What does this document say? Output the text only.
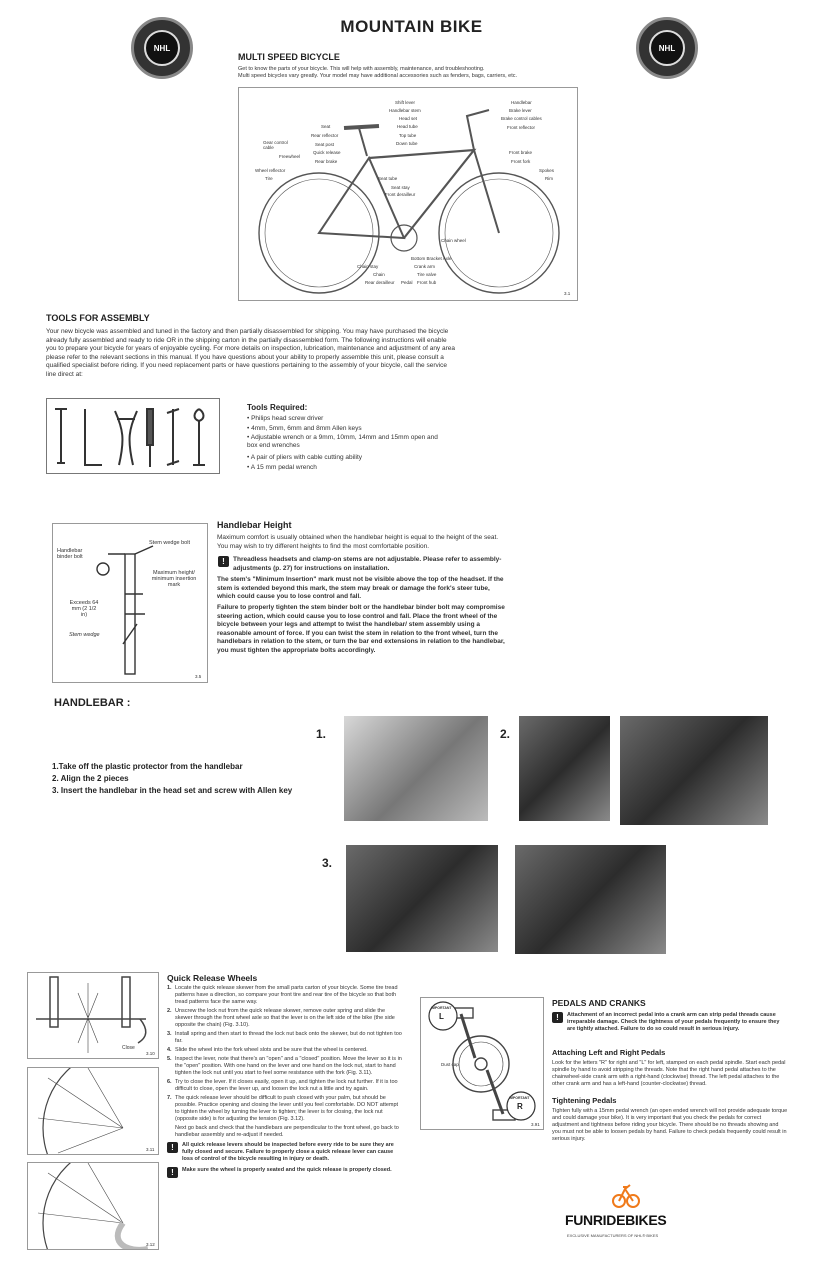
NHL	NHL
MOUNTAIN BIKE
MULTI SPEED BICYCLE
Get to know the parts of your bicycle. This will help with assembly, maintenance, and troubleshooting.
Multi speed bicycles vary greatly. Your model may have additional accessories such as fenders, bags, carriers, etc.
Shift lever
Handlebar stem
Head set
Head tube
Top tube
Down tube
Seat
Rear reflector
Gear control cable
Seat post
Quick release
Freewheel
Rear brake
Wheel reflector
Tire	Seat tube
Seat stay
Front derailleur
Chain wheel
Bottom Bracket Axle
Chain stay	Crank arm
Chain	Tire valve
Rear derailleur Pedal Front hub
Handlebar
Brake lever
Brake control cables
Front reflector
Front brake
Front fork
Spokes
Rim
3.1
TOOLS FOR ASSEMBLY
Your new bicycle was assembled and tuned in the factory and then partially disassembled for shipping. You may have purchased the bicycle already fully assembled and ready to ride OR in the shipping carton in the partially disassembled form. The following instructions will enable you to prepare your bicycle for years of enjoyable cycling. For more details on inspection, lubrication, maintenance and adjustment of any area please refer to the relevant sections in this manual. If you have questions about your ability to properly assemble this unit, please consult a qualified specialist before riding. If you need replacement parts or have questions pertaining to the assembly of your bicycle, call the service line direct at:
Tools Required:
• Philips head screw driver
• 4mm, 5mm, 6mm and 8mm Allen keys
• Adjustable wrench or a 9mm, 10mm, 14mm and 15mm open and box end wrenches
• A pair of pliers with cable cutting ability
• A 15 mm pedal wrench
Stem wedge bolt
Handlebar binder bolt
Maximum height/ minimum insertion mark
Exceeds 64 mm (2 1/2 in)
Stem wedge
3.5
Handlebar Height
Maximum comfort is usually obtained when the handlebar height is equal to the height of the seat. You may wish to try different heights to find the most comfortable position.
!	Threadless headsets and clamp-on stems are not adjustable. Please refer to assembly-adjustments (p. 27) for instructions on installation.
The stem's "Minimum Insertion" mark must not be visible above the top of the headset. If the stem is extended beyond this mark, the stem may break or damage the fork's steer tube, which could cause you to lose control and fall.
Failure to properly tighten the stem binder bolt or the handlebar binder bolt may compromise steering action, which could cause you to lose control and fall. Place the front wheel of the bicycle between your legs and attempt to twist the handlebar/ stem assembly using a reasonable amount of force. If you can twist the stem in relation to the front wheel, turn the handlebars in relation to the stem, or turn the bar end extensions in relation to the handlebar, you must tighten the appropriate bolts accordingly.
HANDLEBAR :
1.Take off the plastic protector from the handlebar
2. Align the 2 pieces
3. Insert the handlebar in the head set and screw with Allen key
1.	2.
3.
Close
3.10
3.11
3.12
Quick Release Wheels
1. Locate the quick release skewer from the small parts carton of your bicycle. Some tire tread patterns have a direction, so compare your front tire and rear tire of the bicycle so that both tread patterns face the same way.
2. Unscrew the lock nut from the quick release skewer, remove outer spring and slide the skewer through the front wheel axle so that the lever is on the left side of the bike (the side opposite the chain) (Fig. 3.10).
3. Install spring and then start to thread the lock nut back onto the skewer, but do not tighten too far.
4. Slide the wheel into the fork wheel slots and be sure that the wheel is centered.
5. Inspect the lever, note that there's an "open" and a "closed" position. Move the lever so it is in the "open" position. With one hand on the lever and one hand on the lock nut, start to hand tighten the lock nut until you start to feel some resistance with the fork (Fig. 3.11).
6. Try to close the lever. If it closes easily, open it up, and tighten the lock nut further. If it is too difficult to close, open the lever up, and loosen the lock nut a little and try again.
7. The quick release lever should be difficult to push closed with your palm, but should be possible. Practice opening and closing the lever until you feel comfortable. DO NOT attempt to tighten the wheel by turning the lever to tighten; the lever is for closing, the lock nut (opposite side) is for adjusting the tension (Fig. 3.12).
Next go back and check that the handlebars are perpendicular to the front wheel, go back to handlebar assembly and re-adjust if needed.
!	All quick release levers should be inspected before every ride to be sure they are fully closed and secure. Failure to properly close a quick release lever can cause loss of control of the bicycle resulting in injury or death.
!	Make sure the wheel is properly seated and the quick release is properly closed.
IMPORTANT
L
IMPORTANT
R
Dust cap
3.91
PEDALS AND CRANKS
!	Attachment of an incorrect pedal into a crank arm can strip pedal threads cause irreparable damage. Check the tightness of your pedals frequently to ensure they are tightly attached. Failure to do so could result in serious injury.
Attaching Left and Right Pedals
Look for the letters "R" for right and "L" for left, stamped on each pedal spindle. Start each pedal spindle by hand to avoid stripping the threads. Note that the right hand pedal attaches to the chainwheel-side crank arm with a right-hand (clockwise) thread. The left pedal attaches to the other crank arm and has a left-hand (counter-clockwise) thread.
Tightening Pedals
Tighten fully with a 15mm pedal wrench (an open ended wrench will not provide adequate torque and could damage your bike). It is very important that you check the pedals for correct adjustment and tightness before riding your bicycle. There should be no threads showing and you must not be able to loosen pedals by hand. Failure to check pedals frequently could result in serious injury.
FUNRIDEBIKES
EXCLUSIVE MANUFACTURERS OF NHL® BIKES
